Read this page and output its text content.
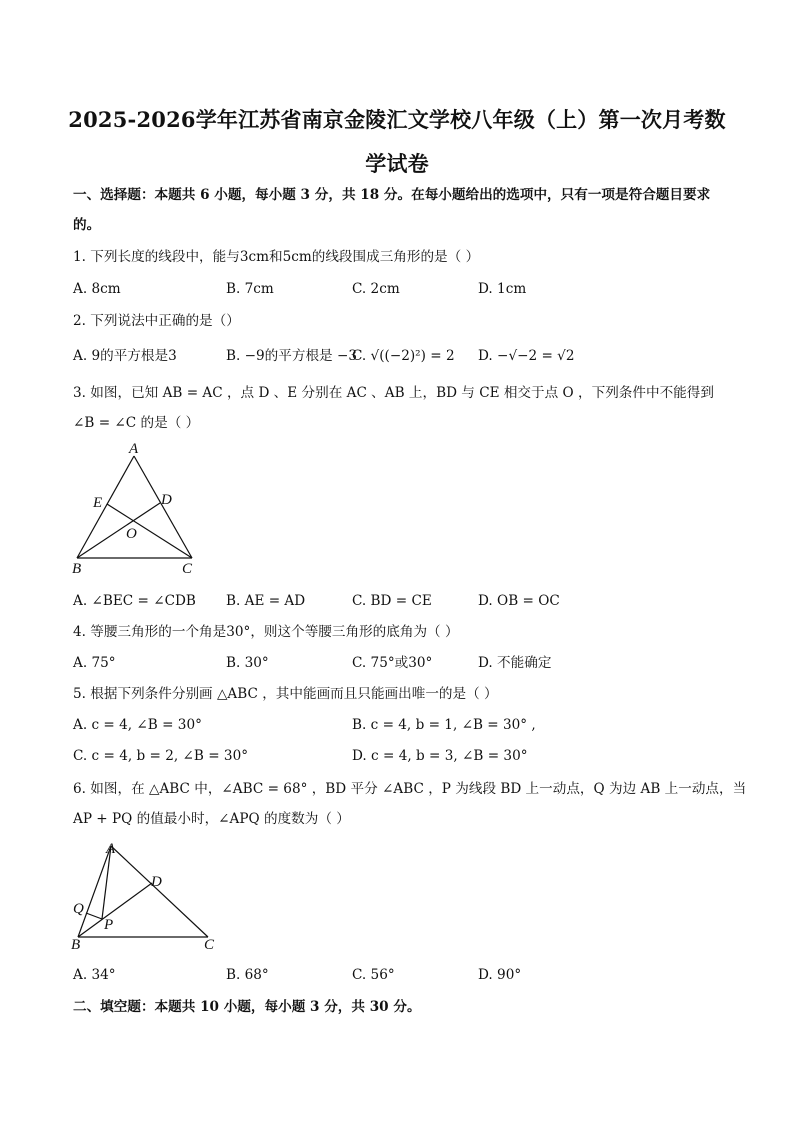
2025-2026学年江苏省南京金陵汇文学校八年级（上）第一次月考数
学试卷
一、选择题：本题共 6 小题，每小题 3 分，共 18 分。在每小题给出的选项中，只有一项是符合题目要求
的。
1. 下列长度的线段中，能与3cm和5cm的线段围成三角形的是（ ）
A. 8cm	B. 7cm	C. 2cm	D. 1cm
2. 下列说法中正确的是（）
A. 9的平方根是3	B. −9的平方根是 −3
C. √((−2)²) = 2 D. −√−2 = √2
3. 如图，已知 AB = AC ，点 D 、E 分别在 AC 、AB 上，BD 与 CE 相交于点 O ，下列条件中不能得到
∠B = ∠C 的是（ ）
A
E	D
O
B	C
A. ∠BEC = ∠CDB B. AE = AD	C. BD = CE	D. OB = OC
4. 等腰三角形的一个角是30°，则这个等腰三角形的底角为（ ）
A. 75°	B. 30°	C. 75°或30°	D. 不能确定
5. 根据下列条件分别画 △ABC ，其中能画而且只能画出唯一的是（ ）
A. c = 4, ∠B = 30°	B. c = 4, b = 1, ∠B = 30° ,
C. c = 4, b = 2, ∠B = 30°	D. c = 4, b = 3, ∠B = 30°
6. 如图，在 △ABC 中，∠ABC = 68° ，BD 平分 ∠ABC ，P 为线段 BD 上一动点，Q 为边 AB 上一动点，当
AP + PQ 的值最小时，∠APQ 的度数为（ ）
A
D
Q
P
B	C
A. 34°	B. 68°	C. 56°	D. 90°
二、填空题：本题共 10 小题，每小题 3 分，共 30 分。
